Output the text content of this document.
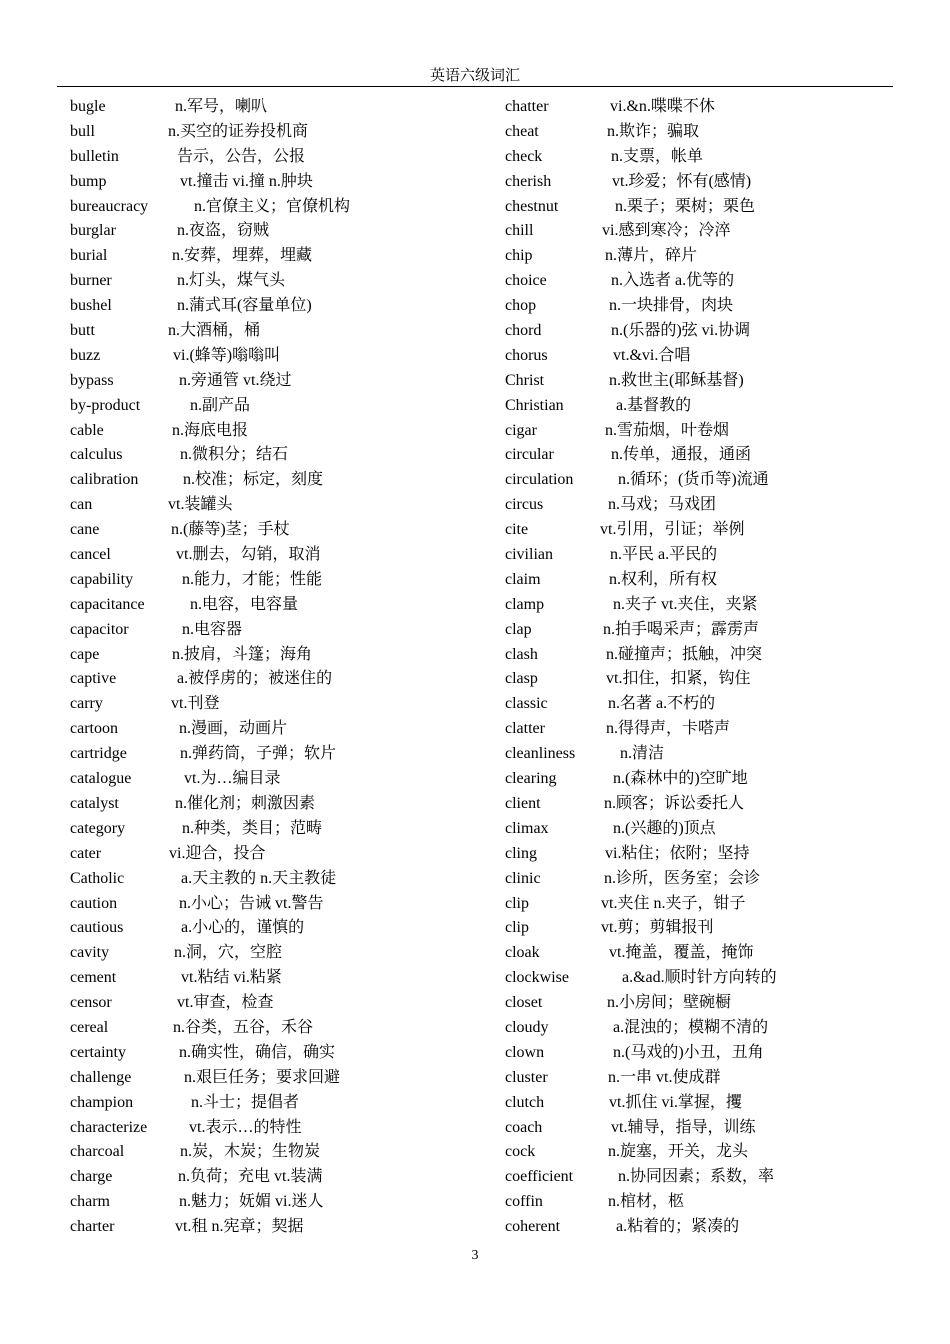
英语六级词汇
bugle	n.军号，喇叭
bull	n.买空的证券投机商
bulletin	告示，公告，公报
bump	vt.撞击 vi.撞 n.肿块
bureaucracy	n.官僚主义；官僚机构
burglar	n.夜盗，窃贼
burial	n.安葬，埋葬，埋藏
burner	n.灯头，煤气头
bushel	n.蒲式耳(容量单位)
butt	n.大酒桶，桶
buzz	vi.(蜂等)嗡嗡叫
bypass	n.旁通管 vt.绕过
by-product	n.副产品
cable	n.海底电报
calculus	n.微积分；结石
calibration	n.校准；标定，刻度
can	vt.装罐头
cane	n.(藤等)茎；手杖
cancel	vt.删去，勾销，取消
capability	n.能力，才能；性能
capacitance	n.电容，电容量
capacitor	n.电容器
cape	n.披肩，斗篷；海角
captive	a.被俘虏的；被迷住的
carry	vt.刊登
cartoon	n.漫画，动画片
cartridge	n.弹药筒，子弹；软片
catalogue	vt.为…编目录
catalyst	n.催化剂；刺激因素
category	n.种类，类目；范畴
cater	vi.迎合，投合
Catholic	a.天主教的 n.天主教徒
caution	n.小心；告诫 vt.警告
cautious	a.小心的，谨慎的
cavity	n.洞，穴，空腔
cement	vt.粘结 vi.粘紧
censor	vt.审查，检查
cereal	n.谷类，五谷，禾谷
certainty	n.确实性，确信，确实
challenge	n.艰巨任务；要求回避
champion	n.斗士；提倡者
characterize	vt.表示…的特性
charcoal	n.炭，木炭；生物炭
charge	n.负荷；充电 vt.装满
charm	n.魅力；妩媚 vi.迷人
charter	vt.租 n.宪章；契据
chatter	vi.&n.喋喋不休
cheat	n.欺诈；骗取
check	n.支票，帐单
cherish	vt.珍爱；怀有(感情)
chestnut	n.栗子；栗树；栗色
chill	vi.感到寒冷；冷淬
chip	n.薄片，碎片
choice	n.入选者 a.优等的
chop	n.一块排骨，肉块
chord	n.(乐器的)弦 vi.协调
chorus	vt.&vi.合唱
Christ	n.救世主(耶稣基督)
Christian	a.基督教的
cigar	n.雪茄烟，叶卷烟
circular	n.传单，通报，通函
circulation	n.循环；(货币等)流通
circus	n.马戏；马戏团
cite	vt.引用，引证；举例
civilian	n.平民 a.平民的
claim	n.权利，所有权
clamp	n.夹子 vt.夹住，夹紧
clap	n.拍手喝采声；霹雳声
clash	n.碰撞声；抵触，冲突
clasp	vt.扣住，扣紧，钩住
classic	n.名著 a.不朽的
clatter	n.得得声，卡嗒声
cleanliness	n.清洁
clearing	n.(森林中的)空旷地
client	n.顾客；诉讼委托人
climax	n.(兴趣的)顶点
cling	vi.粘住；依附；坚持
clinic	n.诊所，医务室；会诊
clip	vt.夹住 n.夹子，钳子
clip	vt.剪；剪辑报刊
cloak	vt.掩盖，覆盖，掩饰
clockwise	a.&ad.顺时针方向转的
closet	n.小房间；壁碗橱
cloudy	a.混浊的；模糊不清的
clown	n.(马戏的)小丑，丑角
cluster	n.一串 vt.使成群
clutch	vt.抓住 vi.掌握，攫
coach	vt.辅导，指导，训练
cock	n.旋塞，开关，龙头
coefficient	n.协同因素；系数，率
coffin	n.棺材，柩
coherent	a.粘着的；紧凑的
3
